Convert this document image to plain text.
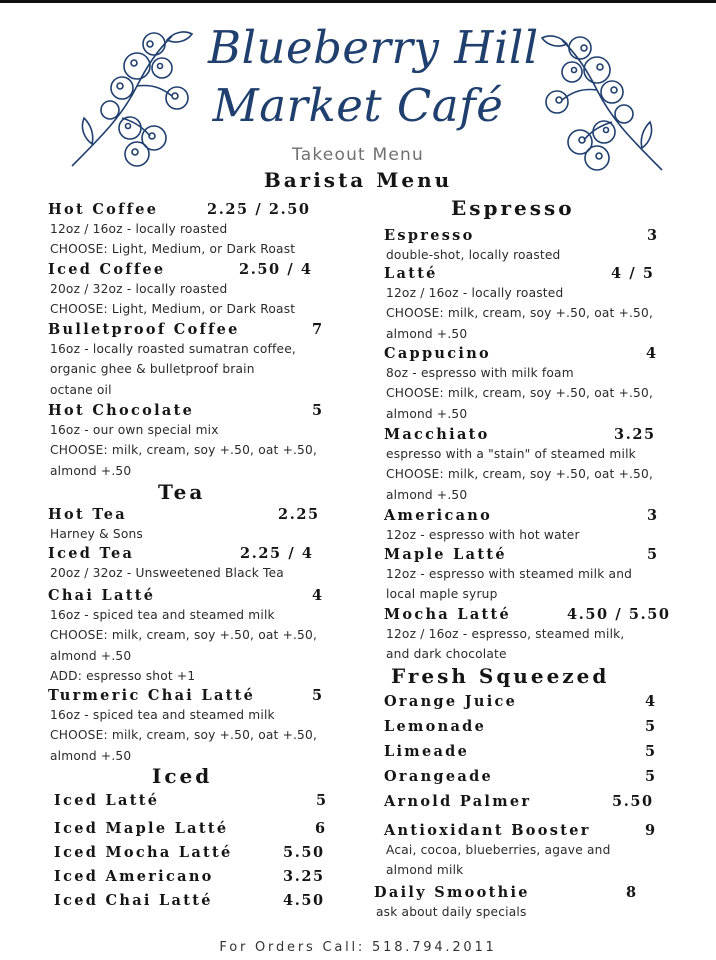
Blueberry Hill
Market Café
Takeout Menu
Barista Menu
Hot Coffee	2.25 / 2.50
12oz / 16oz - locally roasted
CHOOSE: Light, Medium, or Dark Roast
Iced Coffee	2.50 / 4
20oz / 32oz - locally roasted
CHOOSE: Light, Medium, or Dark Roast
Bulletproof Coffee	7
16oz - locally roasted sumatran coffee,
organic ghee & bulletproof brain
octane oil
Hot Chocolate	5
16oz - our own special mix
CHOOSE: milk, cream, soy +.50, oat +.50,
almond +.50
Tea
Hot Tea	2.25
Harney & Sons
Iced Tea	2.25 / 4
20oz / 32oz - Unsweetened Black Tea
Chai Latté	4
16oz - spiced tea and steamed milk
CHOOSE: milk, cream, soy +.50, oat +.50,
almond +.50
ADD: espresso shot +1
Turmeric Chai Latté	5
16oz - spiced tea and steamed milk
CHOOSE: milk, cream, soy +.50, oat +.50,
almond +.50
Iced
Iced Latté	5
Iced Maple Latté	6
Iced Mocha Latté	5.50
Iced Americano	3.25
Iced Chai Latté	4.50
Espresso
Espresso	3
double-shot, locally roasted
Latté	4 / 5
12oz / 16oz - locally roasted
CHOOSE: milk, cream, soy +.50, oat +.50,
almond +.50
Cappucino	4
8oz - espresso with milk foam
CHOOSE: milk, cream, soy +.50, oat +.50,
almond +.50
Macchiato	3.25
espresso with a "stain" of steamed milk
CHOOSE: milk, cream, soy +.50, oat +.50,
almond +.50
Americano	3
12oz - espresso with hot water
Maple Latté	5
12oz - espresso with steamed milk and
local maple syrup
Mocha Latté	4.50 / 5.50
12oz / 16oz - espresso, steamed milk,
and dark chocolate
Fresh Squeezed
Orange Juice	4
Lemonade	5
Limeade	5
Orangeade	5
Arnold Palmer	5.50
Antioxidant Booster	9
Acai, cocoa, blueberries, agave and
almond milk
Daily Smoothie	8
ask about daily specials
For Orders Call: 518.794.2011
